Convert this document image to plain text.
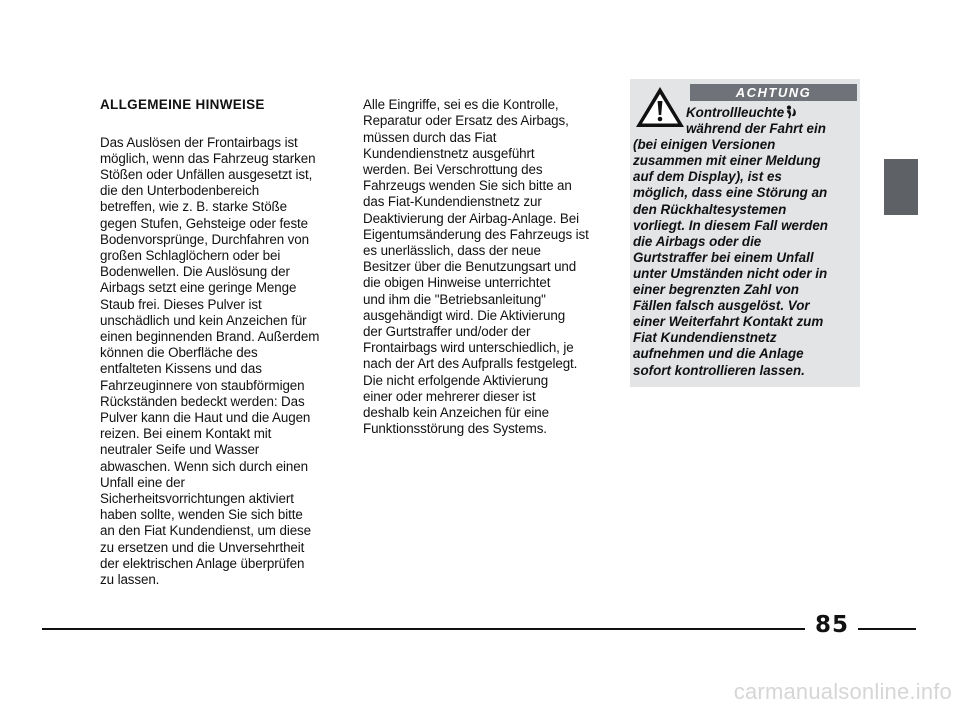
ALLGEMEINE HINWEISE

Das Auslösen der Frontairbags ist
möglich, wenn das Fahrzeug starken
Stößen oder Unfällen ausgesetzt ist,
die den Unterbodenbereich
betreffen, wie z. B. starke Stöße
gegen Stufen, Gehsteige oder feste
Bodenvorsprünge, Durchfahren von
großen Schlaglöchern oder bei
Bodenwellen. Die Auslösung der
Airbags setzt eine geringe Menge
Staub frei. Dieses Pulver ist
unschädlich und kein Anzeichen für
einen beginnenden Brand. Außerdem
können die Oberfläche des
entfalteten Kissens und das
Fahrzeuginnere von staubförmigen
Rückständen bedeckt werden: Das
Pulver kann die Haut und die Augen
reizen. Bei einem Kontakt mit
neutraler Seife und Wasser
abwaschen. Wenn sich durch einen
Unfall eine der
Sicherheitsvorrichtungen aktiviert
haben sollte, wenden Sie sich bitte
an den Fiat Kundendienst, um diese
zu ersetzen und die Unversehrtheit
der elektrischen Anlage überprüfen
zu lassen.

Alle Eingriffe, sei es die Kontrolle,
Reparatur oder Ersatz des Airbags,
müssen durch das Fiat
Kundendienstnetz ausgeführt
werden. Bei Verschrottung des
Fahrzeugs wenden Sie sich bitte an
das Fiat-Kundendienstnetz zur
Deaktivierung der Airbag-Anlage. Bei
Eigentumsänderung des Fahrzeugs ist
es unerlässlich, dass der neue
Besitzer über die Benutzungsart und
die obigen Hinweise unterrichtet
und ihm die "Betriebsanleitung"
ausgehändigt wird. Die Aktivierung
der Gurtstraffer und/oder der
Frontairbags wird unterschiedlich, je
nach der Art des Aufpralls festgelegt.
Die nicht erfolgende Aktivierung
einer oder mehrerer dieser ist
deshalb kein Anzeichen für eine
Funktionsstörung des Systems.

ACHTUNG

Kontrollleuchte
während der Fahrt ein
(bei einigen Versionen
zusammen mit einer Meldung
auf dem Display), ist es
möglich, dass eine Störung an
den Rückhaltesystemen
vorliegt. In diesem Fall werden
die Airbags oder die
Gurtstraffer bei einem Unfall
unter Umständen nicht oder in
einer begrenzten Zahl von
Fällen falsch ausgelöst. Vor
einer Weiterfahrt Kontakt zum
Fiat Kundendienstnetz
aufnehmen und die Anlage
sofort kontrollieren lassen.

85
carmanualsonline.info
